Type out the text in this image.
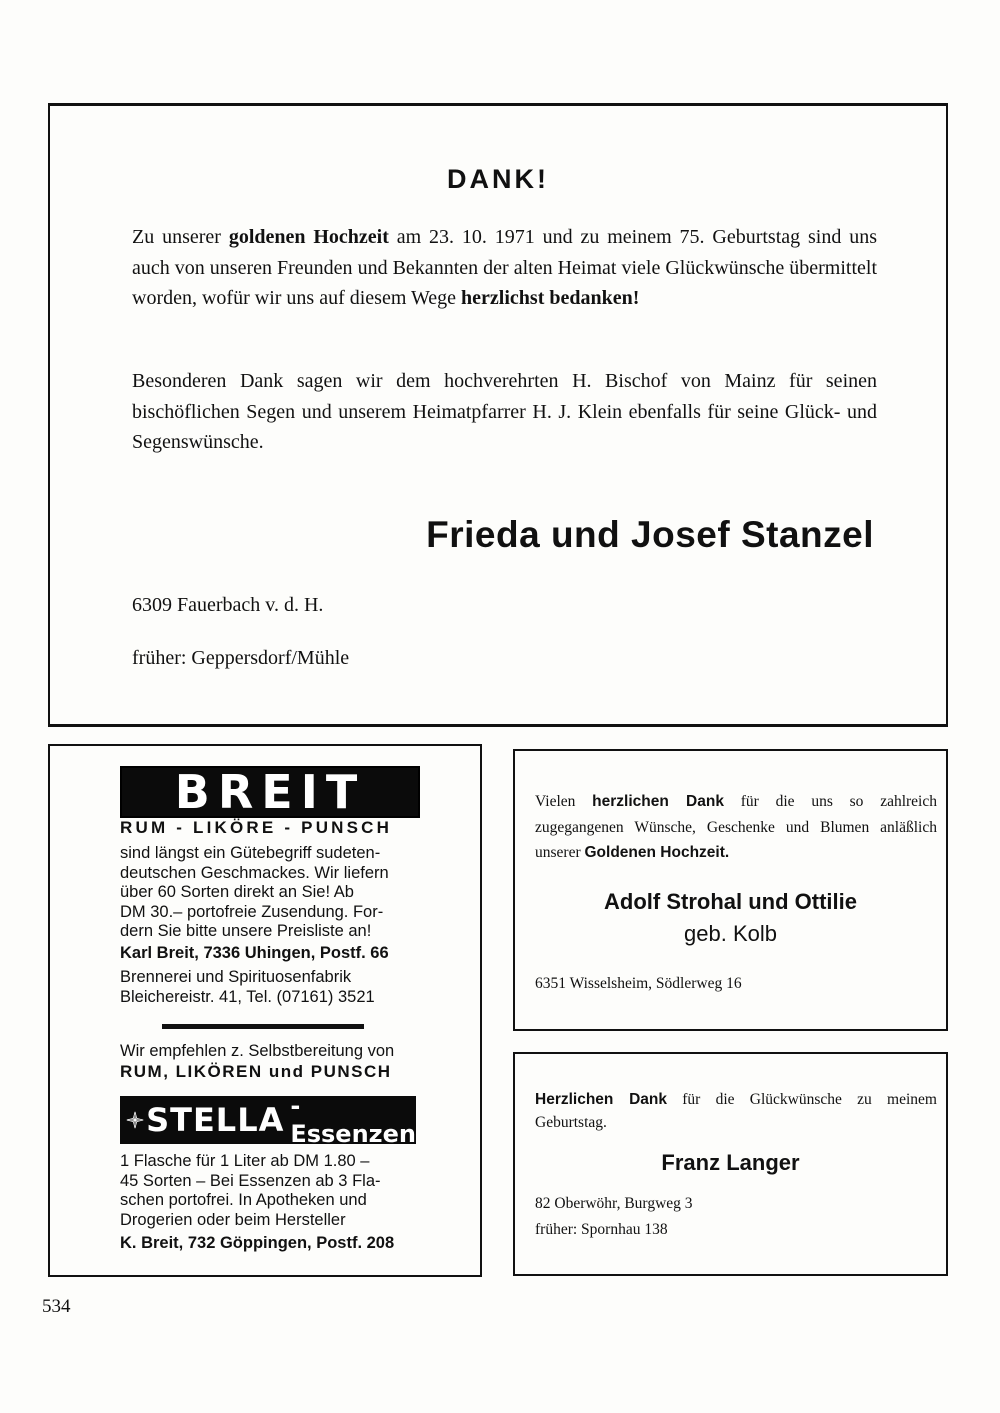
DANK!
Zu unserer goldenen Hochzeit am 23. 10. 1971 und zu meinem 75. Geburtstag sind uns auch von unseren Freunden und Bekannten der alten Heimat viele Glückwünsche übermittelt worden, wofür wir uns auf diesem Wege herzlichst bedanken!
Besonderen Dank sagen wir dem hochverehrten H. Bischof von Mainz für seinen bischöflichen Segen und unserem Heimatpfarrer H. J. Klein ebenfalls für seine Glück- und Segenswünsche.
Frieda und Josef Stanzel
6309 Fauerbach v. d. H.
früher: Geppersdorf/Mühle
BREIT
RUM - LIKÖRE - PUNSCH
sind längst ein Gütebegriff sudeten-
deutschen Geschmackes. Wir liefern
über 60 Sorten direkt an Sie! Ab
DM 30.– portofreie Zusendung. For-
dern Sie bitte unsere Preisliste an!
Karl Breit, 7336 Uhingen, Postf. 66
Brennerei und Spirituosenfabrik
Bleichereistr. 41, Tel. (07161) 3521
Wir empfehlen z. Selbstbereitung von
RUM, LIKÖREN und PUNSCH
STELLA -Essenzen
1 Flasche für 1 Liter ab DM 1.80 –
45 Sorten – Bei Essenzen ab 3 Fla-
schen portofrei. In Apotheken und
Drogerien oder beim Hersteller
K. Breit, 732 Göppingen, Postf. 208
Vielen herzlichen Dank für die uns so zahlreich zugegangenen Wünsche, Geschenke und Blumen anläßlich unserer Goldenen Hochzeit.
Adolf Strohal und Ottilie
geb. Kolb
6351 Wisselsheim, Södlerweg 16
Herzlichen Dank für die Glückwünsche zu meinem Geburtstag.
Franz Langer
82 Oberwöhr, Burgweg 3
früher: Spornhau 138
534
